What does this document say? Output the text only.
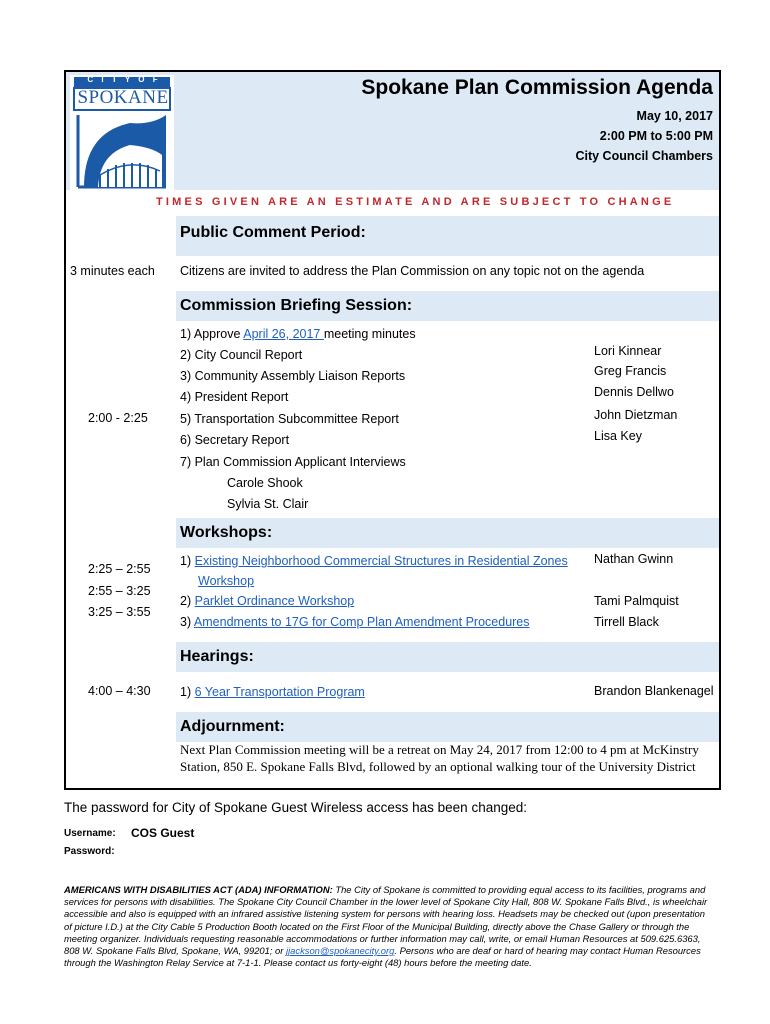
C I T Y O F
SPOKANE	Spokane Plan Commission Agenda
May 10, 2017
2:00 PM to 5:00 PM
City Council Chambers
TIMES GIVEN ARE AN ESTIMATE AND ARE SUBJECT TO CHANGE
Public Comment Period:
3 minutes each Citizens are invited to address the Plan Commission on any topic not on the agenda
Commission Briefing Session:
2:00 - 2:25
1) Approve April 26, 2017 meeting minutes
2) City Council Report
3) Community Assembly Liaison Reports
4) President Report
5) Transportation Subcommittee Report
6) Secretary Report
7) Plan Commission Applicant Interviews
Carole Shook
Sylvia St. Clair
Lori Kinnear
Greg Francis
Dennis Dellwo
John Dietzman
Lisa Key
Workshops:
2:25 – 2:55
2:55 – 3:25
3:25 – 3:55
1) Existing Neighborhood Commercial Structures in Residential Zones
Workshop
2) Parklet Ordinance Workshop
3) Amendments to 17G for Comp Plan Amendment Procedures
Nathan Gwinn
Tami Palmquist
Tirrell Black
Hearings:
4:00 – 4:30 1) 6 Year Transportation Program	Brandon Blankenagel
Adjournment:
Next Plan Commission meeting will be a retreat on May 24, 2017 from 12:00 to 4 pm at McKinstry Station, 850 E. Spokane Falls Blvd, followed by an optional walking tour of the University District
The password for City of Spokane Guest Wireless access has been changed:
Username: COS Guest
Password:
AMERICANS WITH DISABILITIES ACT (ADA) INFORMATION: The City of Spokane is committed to providing equal access to its facilities, programs and services for persons with disabilities. The Spokane City Council Chamber in the lower level of Spokane City Hall, 808 W. Spokane Falls Blvd., is wheelchair accessible and also is equipped with an infrared assistive listening system for persons with hearing loss. Headsets may be checked out (upon presentation of picture I.D.) at the City Cable 5 Production Booth located on the First Floor of the Municipal Building, directly above the Chase Gallery or through the meeting organizer. Individuals requesting reasonable accommodations or further information may call, write, or email Human Resources at 509.625.6363, 808 W. Spokane Falls Blvd, Spokane, WA, 99201; or jjackson@spokanecity.org. Persons who are deaf or hard of hearing may contact Human Resources through the Washington Relay Service at 7-1-1. Please contact us forty-eight (48) hours before the meeting date.
